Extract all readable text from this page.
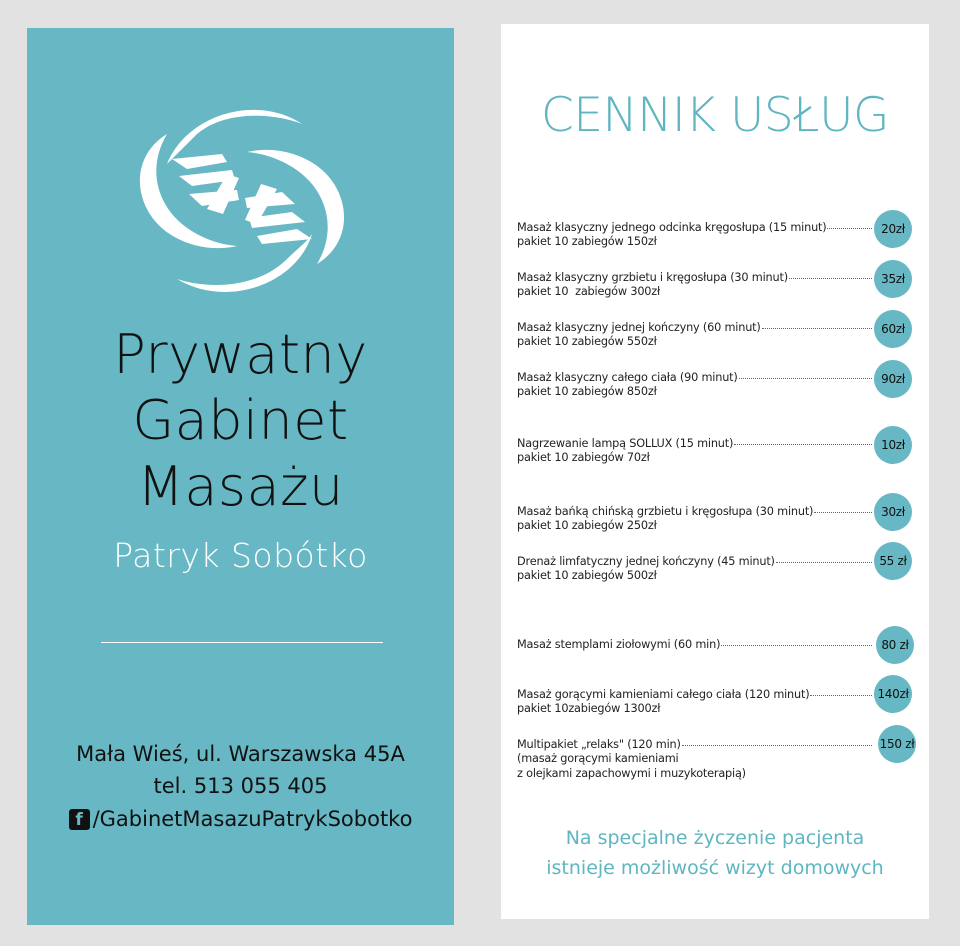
Prywatny
Gabinet
Masażu
Patryk Sobótko
Mała Wieś, ul. Warszawska 45A
tel. 513 055 405
f /GabinetMasazuPatrykSobotko
CENNIK USŁUG
Masaż klasyczny jednego odcinka kręgosłupa (15 minut)
pakiet 10 zabiegów 150zł
20zł
Masaż klasyczny grzbietu i kręgosłupa (30 minut)
pakiet 10  zabiegów 300zł
35zł
Masaż klasyczny jednej kończyny (60 minut)
pakiet 10 zabiegów 550zł
60zł
Masaż klasyczny całego ciała (90 minut)
pakiet 10 zabiegów 850zł
90zł
Nagrzewanie lampą SOLLUX (15 minut)
pakiet 10 zabiegów 70zł
10zł
Masaż bańką chińską grzbietu i kręgosłupa (30 minut)
pakiet 10 zabiegów 250zł
30zł
Drenaż limfatyczny jednej kończyny (45 minut)
pakiet 10 zabiegów 500zł
55 zł
Masaż stemplami ziołowymi (60 min)	80 zł
Masaż gorącymi kamieniami całego ciała (120 minut)
pakiet 10zabiegów 1300zł
140zł
Multipakiet „relaks" (120 min)
(masaż gorącymi kamieniami
z olejkami zapachowymi i muzykoterapią)
150 zł
Na specjalne życzenie pacjenta
istnieje możliwość wizyt domowych
